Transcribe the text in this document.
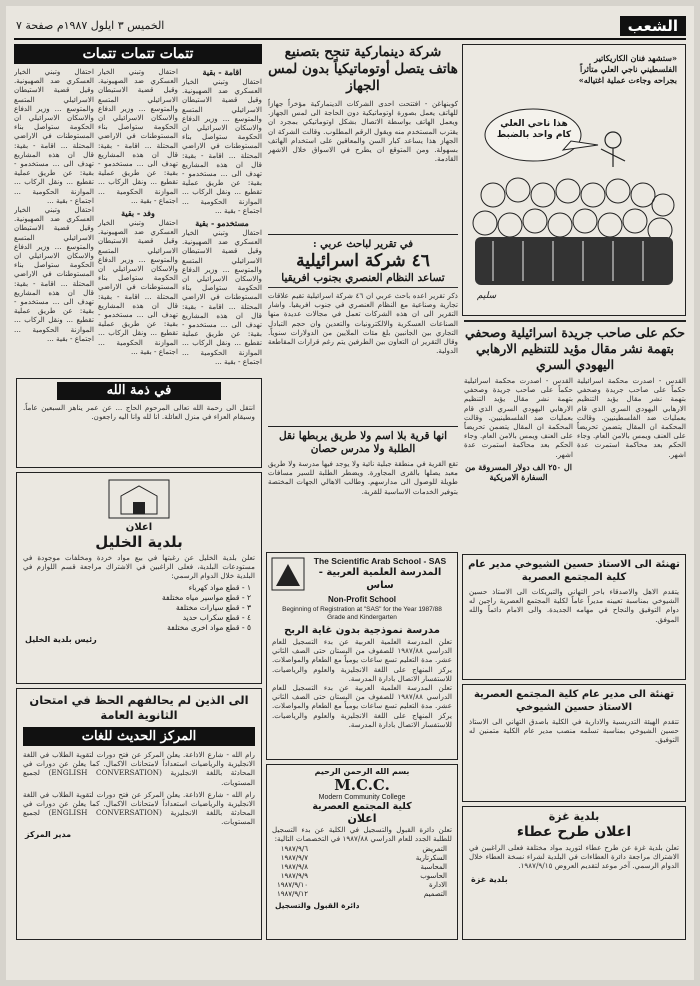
الخميس ٣ ايلول ١٩٨٧م صفحة ٧	الشعب
هذا ناحي العلي كام واحد بالضبط
«ستشهد فنان الكاريكاتير الفلسطيني ناجي العلي متأثراً بجراحه وجاءت عملية اغتياله»
سليم

شركة دينماركية تنجح بتصنيع هاتف يتصل أوتوماتيكياً بدون لمس الجهاز

كوبنهاغن - افتتحت احدى الشركات الدينماركية مؤخراً جهازاً للهاتف يعمل بصورة اوتوماتيكية دون الحاجة الى لمس الجهاز. ويعمل الهاتف بواسطة الاتصال بشكل اوتوماتيكي بمجرد ان يقترب المستخدم منه ويقول الرقم المطلوب. وقالت الشركة ان الجهاز هذا يساعد كبار السن والمعاقين على استخدام الهاتف بسهولة. ومن المتوقع ان يطرح في الاسواق خلال الاشهر القادمة.

في تقرير لباحث عربي :

٤٦ شركة اسرائيلية

تساعد النظام العنصري بجنوب افريقيا

ذكر تقرير اعده باحث عربي ان ٤٦ شركة اسرائيلية تقيم علاقات تجارية وصناعية مع النظام العنصري في جنوب افريقيا. واشار التقرير الى ان هذه الشركات تعمل في مجالات عديدة منها الصناعات العسكرية والالكترونيات والتعدين وان حجم التبادل التجاري بين الجانبين بلغ مئات الملايين من الدولارات سنوياً. وقال التقرير ان التعاون بين الطرفين يتم رغم قرارات المقاطعة الدولية.

تتمات تتمات تتمات

اقامة - بقية

احتفال وتبني الخيار العسكري ضد الصهيونية. وقيل قضية الاستيطان الاسرائيلي المتسع والمتوسع ... وزير الدفاع والاسكان الاسرائيلي ان الحكومة ستواصل بناء المستوطنات في الاراضي المحتلة ... اقامة - بقية: قال ان هذه المشاريع تهدف الى ... مستخدمو - بقية: عن طريق عملية تقطيع ... ونقل الركاب ... الموازنة الحكومية ... اجتماع - بقية ...

مستخدمو - بقية

احتفال وتبني الخيار العسكري ضد الصهيونية. وقيل قضية الاستيطان الاسرائيلي المتسع والمتوسع ... وزير الدفاع والاسكان الاسرائيلي ان الحكومة ستواصل بناء المستوطنات في الاراضي المحتلة ... اقامة - بقية: قال ان هذه المشاريع تهدف الى ... مستخدمو - بقية: عن طريق عملية تقطيع ... ونقل الركاب ... الموازنة الحكومية ... اجتماع - بقية ...

احتفال وتبني الخيار العسكري ضد الصهيونية. وقيل قضية الاستيطان الاسرائيلي المتسع والمتوسع ... وزير الدفاع والاسكان الاسرائيلي ان الحكومة ستواصل بناء المستوطنات في الاراضي المحتلة ... اقامة - بقية: قال ان هذه المشاريع تهدف الى ... مستخدمو - بقية: عن طريق عملية تقطيع ... ونقل الركاب ... الموازنة الحكومية ... اجتماع - بقية ...

وفد - بقية

احتفال وتبني الخيار العسكري ضد الصهيونية. وقيل قضية الاستيطان الاسرائيلي المتسع والمتوسع ... وزير الدفاع والاسكان الاسرائيلي ان الحكومة ستواصل بناء المستوطنات في الاراضي المحتلة ... اقامة - بقية: قال ان هذه المشاريع تهدف الى ... مستخدمو - بقية: عن طريق عملية تقطيع ... ونقل الركاب ... الموازنة الحكومية ... اجتماع - بقية ...

احتفال وتبني الخيار العسكري ضد الصهيونية. وقيل قضية الاستيطان الاسرائيلي المتسع والمتوسع ... وزير الدفاع والاسكان الاسرائيلي ان الحكومة ستواصل بناء المستوطنات في الاراضي المحتلة ... اقامة - بقية: قال ان هذه المشاريع تهدف الى ... مستخدمو - بقية: عن طريق عملية تقطيع ... ونقل الركاب ... الموازنة الحكومية ... اجتماع - بقية ...

احتفال وتبني الخيار العسكري ضد الصهيونية. وقيل قضية الاستيطان الاسرائيلي المتسع والمتوسع ... وزير الدفاع والاسكان الاسرائيلي ان الحكومة ستواصل بناء المستوطنات في الاراضي المحتلة ... اقامة - بقية: قال ان هذه المشاريع تهدف الى ... مستخدمو - بقية: عن طريق عملية تقطيع ... ونقل الركاب ... الموازنة الحكومية ... اجتماع - بقية ...	حكم على صاحب جريدة اسرائيلية وصحفي بتهمة نشر مقال مؤيد للتنظيم الارهابي اليهودي السري

القدس - اصدرت محكمة اسرائيلية حكماً على صاحب جريدة وصحفي بتهمة نشر مقال يؤيد التنظيم الارهابي اليهودي السري الذي قام بعمليات ضد الفلسطينيين. وقالت المحكمة ان المقال يتضمن تحريضاً على العنف ويمس بالامن العام. وجاء الحكم بعد محاكمة استمرت عدة اشهر.

القدس - اصدرت محكمة اسرائيلية حكماً على صاحب جريدة وصحفي بتهمة نشر مقال يؤيد التنظيم الارهابي اليهودي السري الذي قام بعمليات ضد الفلسطينيين. وقالت المحكمة ان المقال يتضمن تحريضاً على العنف ويمس بالامن العام. وجاء الحكم بعد محاكمة استمرت عدة اشهر.

ال ٢٥٠ الف دولار المسروقة من السفارة الامريكية

انها قرية بلا اسم ولا طريق يربطها نقل الطلبة ولا مدرس حصان

تقع القرية في منطقة جبلية نائية ولا يوجد فيها مدرسة ولا طريق معبد يصلها بالقرى المجاورة. ويضطر الطلبة للسير مسافات طويلة للوصول الى مدارسهم. وطالب الاهالي الجهات المختصة بتوفير الخدمات الاساسية للقرية.

في ذمة الله

انتقل الى رحمة الله تعالى المرحوم الحاج ... عن عمر يناهز السبعين عاماً. وسيقام العزاء في منزل العائلة. انا لله وانا اليه راجعون.

اعلان
بلدية الخليل

تعلن بلدية الخليل عن رغبتها في بيع مواد خردة ومخلفات موجودة في مستودعات البلدية، فعلى الراغبين في الاشتراك مراجعة قسم اللوازم في البلدية خلال الدوام الرسمي:

١ - قطع مواد كهرباء
٢ - قطع مواسير مياه مختلفة
٣ - قطع سيارات مختلفة
٤ - قطع سكراب حديد
٥ - قطع مواد اخرى مختلفة
رئيس بلدية الخليل
الى الذين لم يحالفهم الحظ في امتحان الثانوية العامة
المركز الحديث للغات

رام الله - شارع الاذاعة. يعلن المركز عن فتح دورات لتقوية الطلاب في اللغة الانجليزية والرياضيات استعداداً لامتحانات الاكمال. كما يعلن عن دورات في المحادثة باللغة الانجليزية (ENGLISH CONVERSATION) لجميع المستويات.

رام الله - شارع الاذاعة. يعلن المركز عن فتح دورات لتقوية الطلاب في اللغة الانجليزية والرياضيات استعداداً لامتحانات الاكمال. كما يعلن عن دورات في المحادثة باللغة الانجليزية (ENGLISH CONVERSATION) لجميع المستويات.

مدير المركز
The Scientific Arab School - SAS
المدرسة العلمية العربية - ساس
Non-Profit School
Beginning of Registration at "SAS" for the Year 1987/88 Grade and Kindergarten
مدرسة نموذجية بدون غاية الربح

تعلن المدرسة العلمية العربية عن بدء التسجيل للعام الدراسي ١٩٨٧/٨٨ للصفوف من البستان حتى الصف الثاني عشر. مدة التعليم تسع ساعات يومياً مع الطعام والمواصلات. يركز المنهاج على اللغة الانجليزية والعلوم والرياضيات. للاستفسار الاتصال بادارة المدرسة.

تعلن المدرسة العلمية العربية عن بدء التسجيل للعام الدراسي ١٩٨٧/٨٨ للصفوف من البستان حتى الصف الثاني عشر. مدة التعليم تسع ساعات يومياً مع الطعام والمواصلات. يركز المنهاج على اللغة الانجليزية والعلوم والرياضيات. للاستفسار الاتصال بادارة المدرسة.

بسم الله الرحمن الرحيم
M.C.C.
Modern Community College
كلية المجتمع العصرية
اعلان

تعلن دائرة القبول والتسجيل في الكلية عن بدء التسجيل للطلبة الجدد للعام الدراسي ١٩٨٧/٨٨ في التخصصات التالية:

التمريض
السكرتارية
المحاسبة
الحاسوب
الادارة
التصميم
١٩٨٧/٩/٦
١٩٨٧/٩/٧
١٩٨٧/٩/٨
١٩٨٧/٩/٩
١٩٨٧/٩/١٠
١٩٨٧/٩/١٢
دائرة القبول والتسجيل
تهنئة الى الاستاذ حسين الشيوخي مدير عام كلية المجتمع العصرية

يتقدم الاهل والاصدقاء باحر التهاني والتبريكات الى الاستاذ حسين الشيوخي بمناسبة تعيينه مديراً عاماً لكلية المجتمع العصرية راجين له دوام التوفيق والنجاح في مهامه الجديدة. والى الامام دائماً والله الموفق.

تهنئة الى مدير عام كلية المجتمع العصرية الاستاذ حسين الشيوخي

تتقدم الهيئة التدريسية والادارية في الكلية باصدق التهاني الى الاستاذ حسين الشيوخي بمناسبة تسلمه منصب مدير عام الكلية متمنين له التوفيق.

بلدية غزة
اعلان طرح عطاء

تعلن بلدية غزة عن طرح عطاء لتوريد مواد مختلفة فعلى الراغبين في الاشتراك مراجعة دائرة العطاءات في البلدية لشراء نسخة العطاء خلال الدوام الرسمي. آخر موعد لتقديم العروض ١٩٨٧/٩/١٥.

بلدية غزة
